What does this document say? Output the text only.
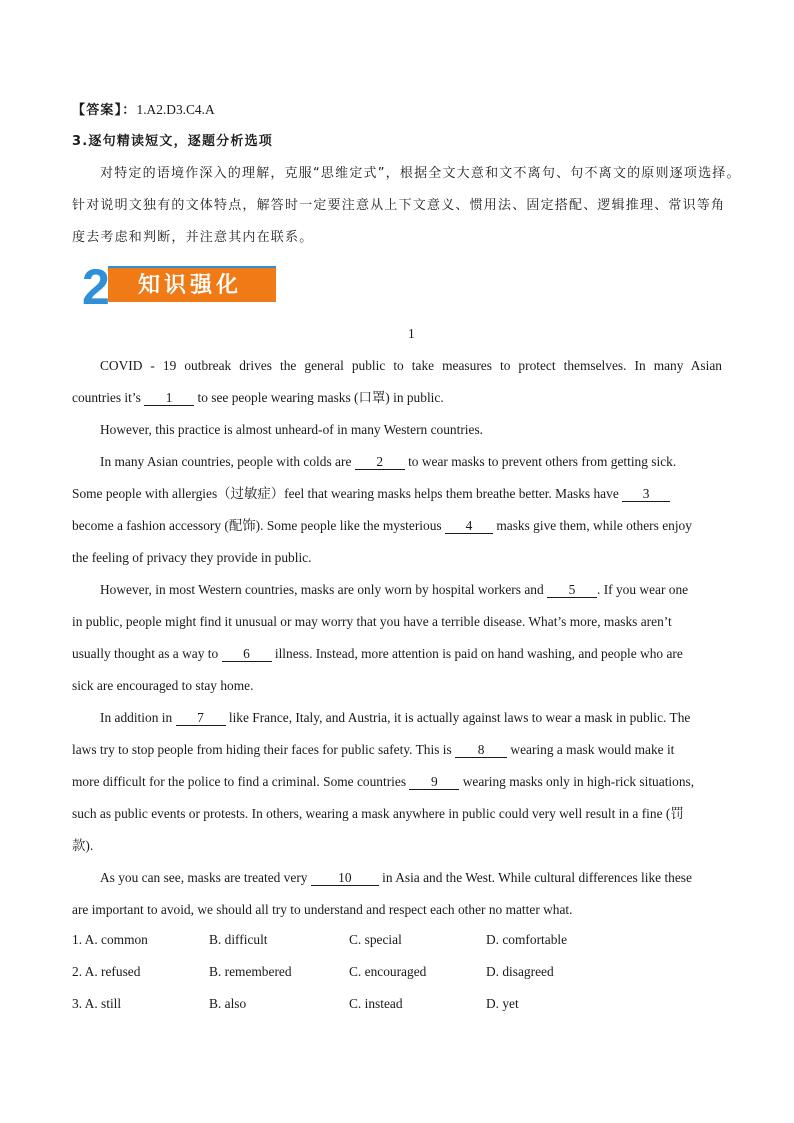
【答案】：1.A2.D3.C4.A
3.逐句精读短文，逐题分析选项
对特定的语境作深入的理解，克服“思维定式”，根据全文大意和文不离句、句不离文的原则逐项选择。
针对说明文独有的文体特点，解答时一定要注意从上下文意义、惯用法、固定搭配、逻辑推理、常识等角
度去考虑和判断，并注意其内在联系。
知识强化
2
1
COVID - 19 outbreak drives the general public to take measures to protect themselves. In many Asian
countries it’s 1 to see people wearing masks (口罩) in public.
However, this practice is almost unheard-of in many Western countries.
In many Asian countries, people with colds are 2 to wear masks to prevent others from getting sick.
Some people with allergies（过敏症）feel that wearing masks helps them breathe better. Masks have 3
become a fashion accessory (配饰). Some people like the mysterious 4 masks give them, while others enjoy
the feeling of privacy they provide in public.
However, in most Western countries, masks are only worn by hospital workers and 5 . If you wear one
in public, people might find it unusual or may worry that you have a terrible disease. What’s more, masks aren’t
usually thought as a way to 6 illness. Instead, more attention is paid on hand washing, and people who are
sick are encouraged to stay home.
In addition in 7 like France, Italy, and Austria, it is actually against laws to wear a mask in public. The
laws try to stop people from hiding their faces for public safety. This is 8 wearing a mask would make it
more difficult for the police to find a criminal. Some countries 9 wearing masks only in high-rick situations,
such as public events or protests. In others, wearing a mask anywhere in public could very well result in a fine (罚
款).
As you can see, masks are treated very 10 in Asia and the West. While cultural differences like these
are important to avoid, we should all try to understand and respect each other no matter what.
1. A. common	B. difficult	C. special	D. comfortable
2. A. refused	B. remembered	C. encouraged	D. disagreed
3. A. still	B. also	C. instead	D. yet
